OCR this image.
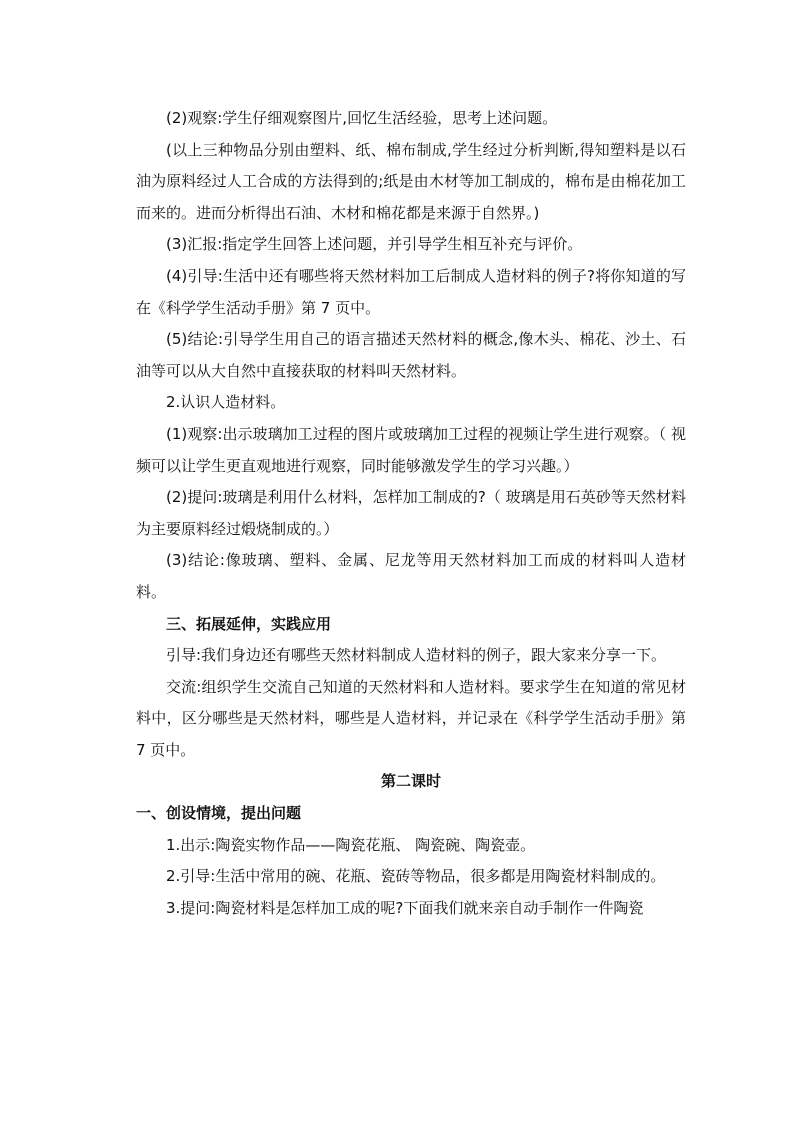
(2)观察:学生仔细观察图片,回忆生活经验，思考上述问题。

(以上三种物品分别由塑料、纸、棉布制成,学生经过分析判断,得知塑料是以石油为原料经过人工合成的方法得到的;纸是由木材等加工制成的，棉布是由棉花加工而来的。进而分析得出石油、木材和棉花都是来源于自然界。)

(3)汇报:指定学生回答上述问题，并引导学生相互补充与评价。

(4)引导:生活中还有哪些将天然材料加工后制成人造材料的例子?将你知道的写在《科学学生活动手册》第 7 页中。

(5)结论:引导学生用自己的语言描述天然材料的概念,像木头、棉花、沙土、石油等可以从大自然中直接获取的材料叫天然材料。

2.认识人造材料。

(1)观察:出示玻璃加工过程的图片或玻璃加工过程的视频让学生进行观察。（ 视频可以让学生更直观地进行观察，同时能够激发学生的学习兴趣。）

(2)提问:玻璃是利用什么材料，怎样加工制成的?（ 玻璃是用石英砂等天然材料为主要原料经过煅烧制成的。）

(3)结论:像玻璃、塑料、金属、尼龙等用天然材料加工而成的材料叫人造材料。

三、拓展延伸，实践应用

引导:我们身边还有哪些天然材料制成人造材料的例子，跟大家来分享一下。

交流:组织学生交流自己知道的天然材料和人造材料。要求学生在知道的常见材料中，区分哪些是天然材料，哪些是人造材料，并记录在《科学学生活动手册》第 7 页中。

第二课时

一、创设情境，提出问题

1.出示:陶瓷实物作品——陶瓷花瓶、 陶瓷碗、陶瓷壶。

2.引导:生活中常用的碗、花瓶、瓷砖等物品，很多都是用陶瓷材料制成的。

3.提问:陶瓷材料是怎样加工成的呢?下面我们就来亲自动手制作一件陶瓷
